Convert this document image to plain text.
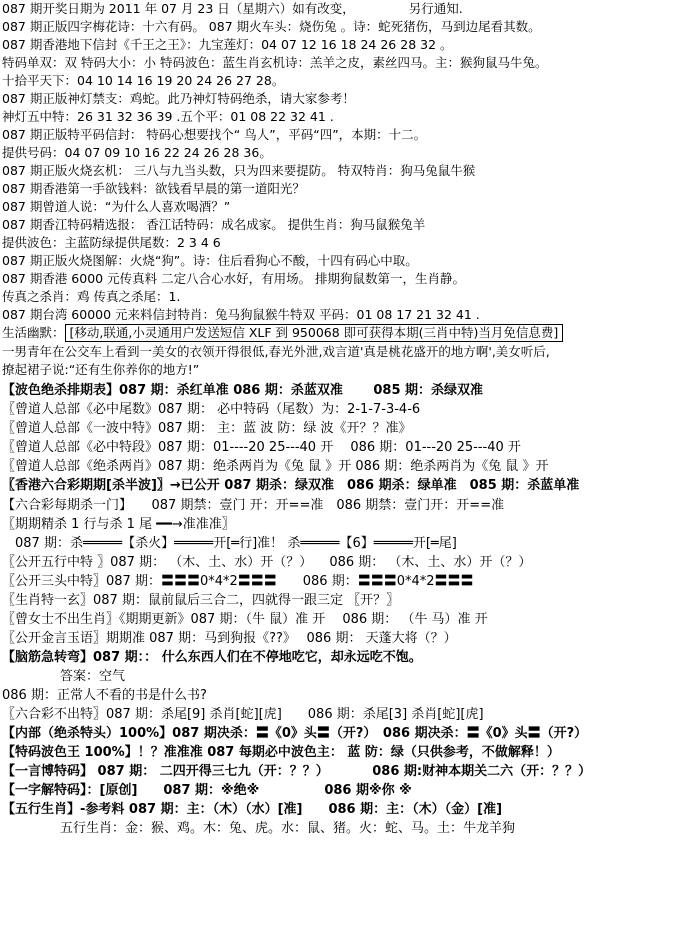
087 期开奖日期为 2011 年 07 月 23 日（星期六）如有改变，	另行通知.
087 期正版四字梅花诗：十六有码。 087 期火车头：烧伤兔 。诗：蛇死猪伤，马到边尾看其数。
087 期香港地下信封《千王之王》：九宝莲灯：04 07 12 16 18 24 26 28 32 。
特码单双：双 特码大小：小 特码波色：蓝生肖玄机诗：羔羊之皮，素丝四马。主：猴狗鼠马牛兔。
十拾平天下：04 10 14 16 19 20 24 26 27 28。
087 期正版神灯禁支：鸡蛇。此乃神灯特码绝杀，请大家参考！
神灯五中特：26 31 32 36 39 .五个平：01 08 22 32 41 .
087 期正版特平码信封： 特码心想要找个“ 鸟人”，平码“四”，本期：十二。
提供号码：04 07 09 10 16 22 24 26 28 36。
087 期正版火烧玄机： 三八与九当头数，只为四来要提防。 特双特肖：狗马兔鼠牛猴
087 期香港第一手欲钱料：欲钱看早晨的第一道阳光？
087 期曾道人说：“为什么人喜欢喝酒？”
087 期香江特码精选报： 香江话特码：成名成家。 提供生肖：狗马鼠猴兔羊
提供波色：主蓝防绿提供尾数：2 3 4 6
087 期正版火烧图解：火烧“狗”。诗：住后看狗心不酸，十四有码心中取。
087 期香港 6000 元传真料 二定八合心水好，有用场。 排期狗鼠数第一，生肖静。
传真之杀肖：鸡 传真之杀尾：1.
087 期台湾 60000 元来料信封特肖：兔马狗鼠猴牛特双 平码：01 08 17 21 32 41 .
生活幽默： [移动,联通,小灵通用户发送短信 XLF 到 950068 即可获得本期(三肖中特)当月免信息费]
一男青年在公交车上看到一美女的衣领开得很低,春光外泄,戏言道'真是桃花盛开的地方啊',美女听后,
撩起裙子说:“还有生你养你的地方!”
【波色绝杀排期表】087 期：杀红单准 086 期：杀蓝双准 　　085 期：杀绿双准
〖曾道人总部《必中尾数》087 期： 必中特码（尾数）为：2-1-7-3-4-6
〖曾道人总部《一波中特》087 期： 主：蓝 波 防：绿 波《开？？准》
〖曾道人总部《必中特段》087 期：01----20 25---40 开　 086 期：01---20 25---40 开
〖曾道人总部《绝杀两肖》087 期：绝杀两肖为《兔 鼠 》开 086 期：绝杀两肖为《兔 鼠 》开
〖香港六合彩期期[杀半波]〗→已公开 087 期杀：绿双准　086 期杀：绿单准　085 期：杀蓝单准
【六合彩每期杀一门】　　087 期禁：壹门 开：开==准　086 期禁：壹门开：开==准
〖期期精杀 1 行与杀 1 尾 ━━→准准准〗
　087 期：杀═════【杀火】═════开[═行]准！ 杀═════【6】═════开[═尾]
〖公开五行中特 〗087 期： （木、土、水）开（？） 　086 期： （木、土、水）开（？）
〖公开三头中特〗087 期：〓〓〓0*4*2〓〓〓　　086 期：〓〓〓0*4*2〓〓〓
〖生肖特一玄〗087 期：鼠前鼠后三合二，四就得一跟三定 〖开？〗
〖曾女士不出生肖〗《期期更新》087 期：（牛 鼠）准 开　 086 期： （牛 马）准 开
〖公开金言玉语〗期期准 087 期：马到狗报《??》　 086 期： 天蓬大将（？）
【脑筋急转弯】087 期：： 什么东西人们在不停地吃它，却永远吃不饱。
答案：空气
086 期：正常人不看的书是什么书?
〖六合彩不出特〗087 期：杀尾[9] 杀肖[蛇][虎]　　086 期：杀尾[3] 杀肖[蛇][虎]
【内部（绝杀特头）100%】087 期决杀：〓《0》头〓（开?）　086 期决杀：〓《0》头〓（开?）
【特码波色王 100%】！？准准准 087 每期必中波色主： 蓝 防：绿（只供参考，不做解释！）
【一言博特码】 087 期： 二四开得三七九（开：？？） 　　　086 期:财神本期关二六（开：？？）
【一字解特码】：[原创]　　087 期：※绝※　　　　　086 期※你 ※
【五行生肖】-参考料 087 期：主：（木）（水）[准]　　086 期：主：（木）（金）[准]
五行生肖：金：猴、鸡。木：兔、虎。水：鼠、猪。火：蛇、马。土：牛龙羊狗
